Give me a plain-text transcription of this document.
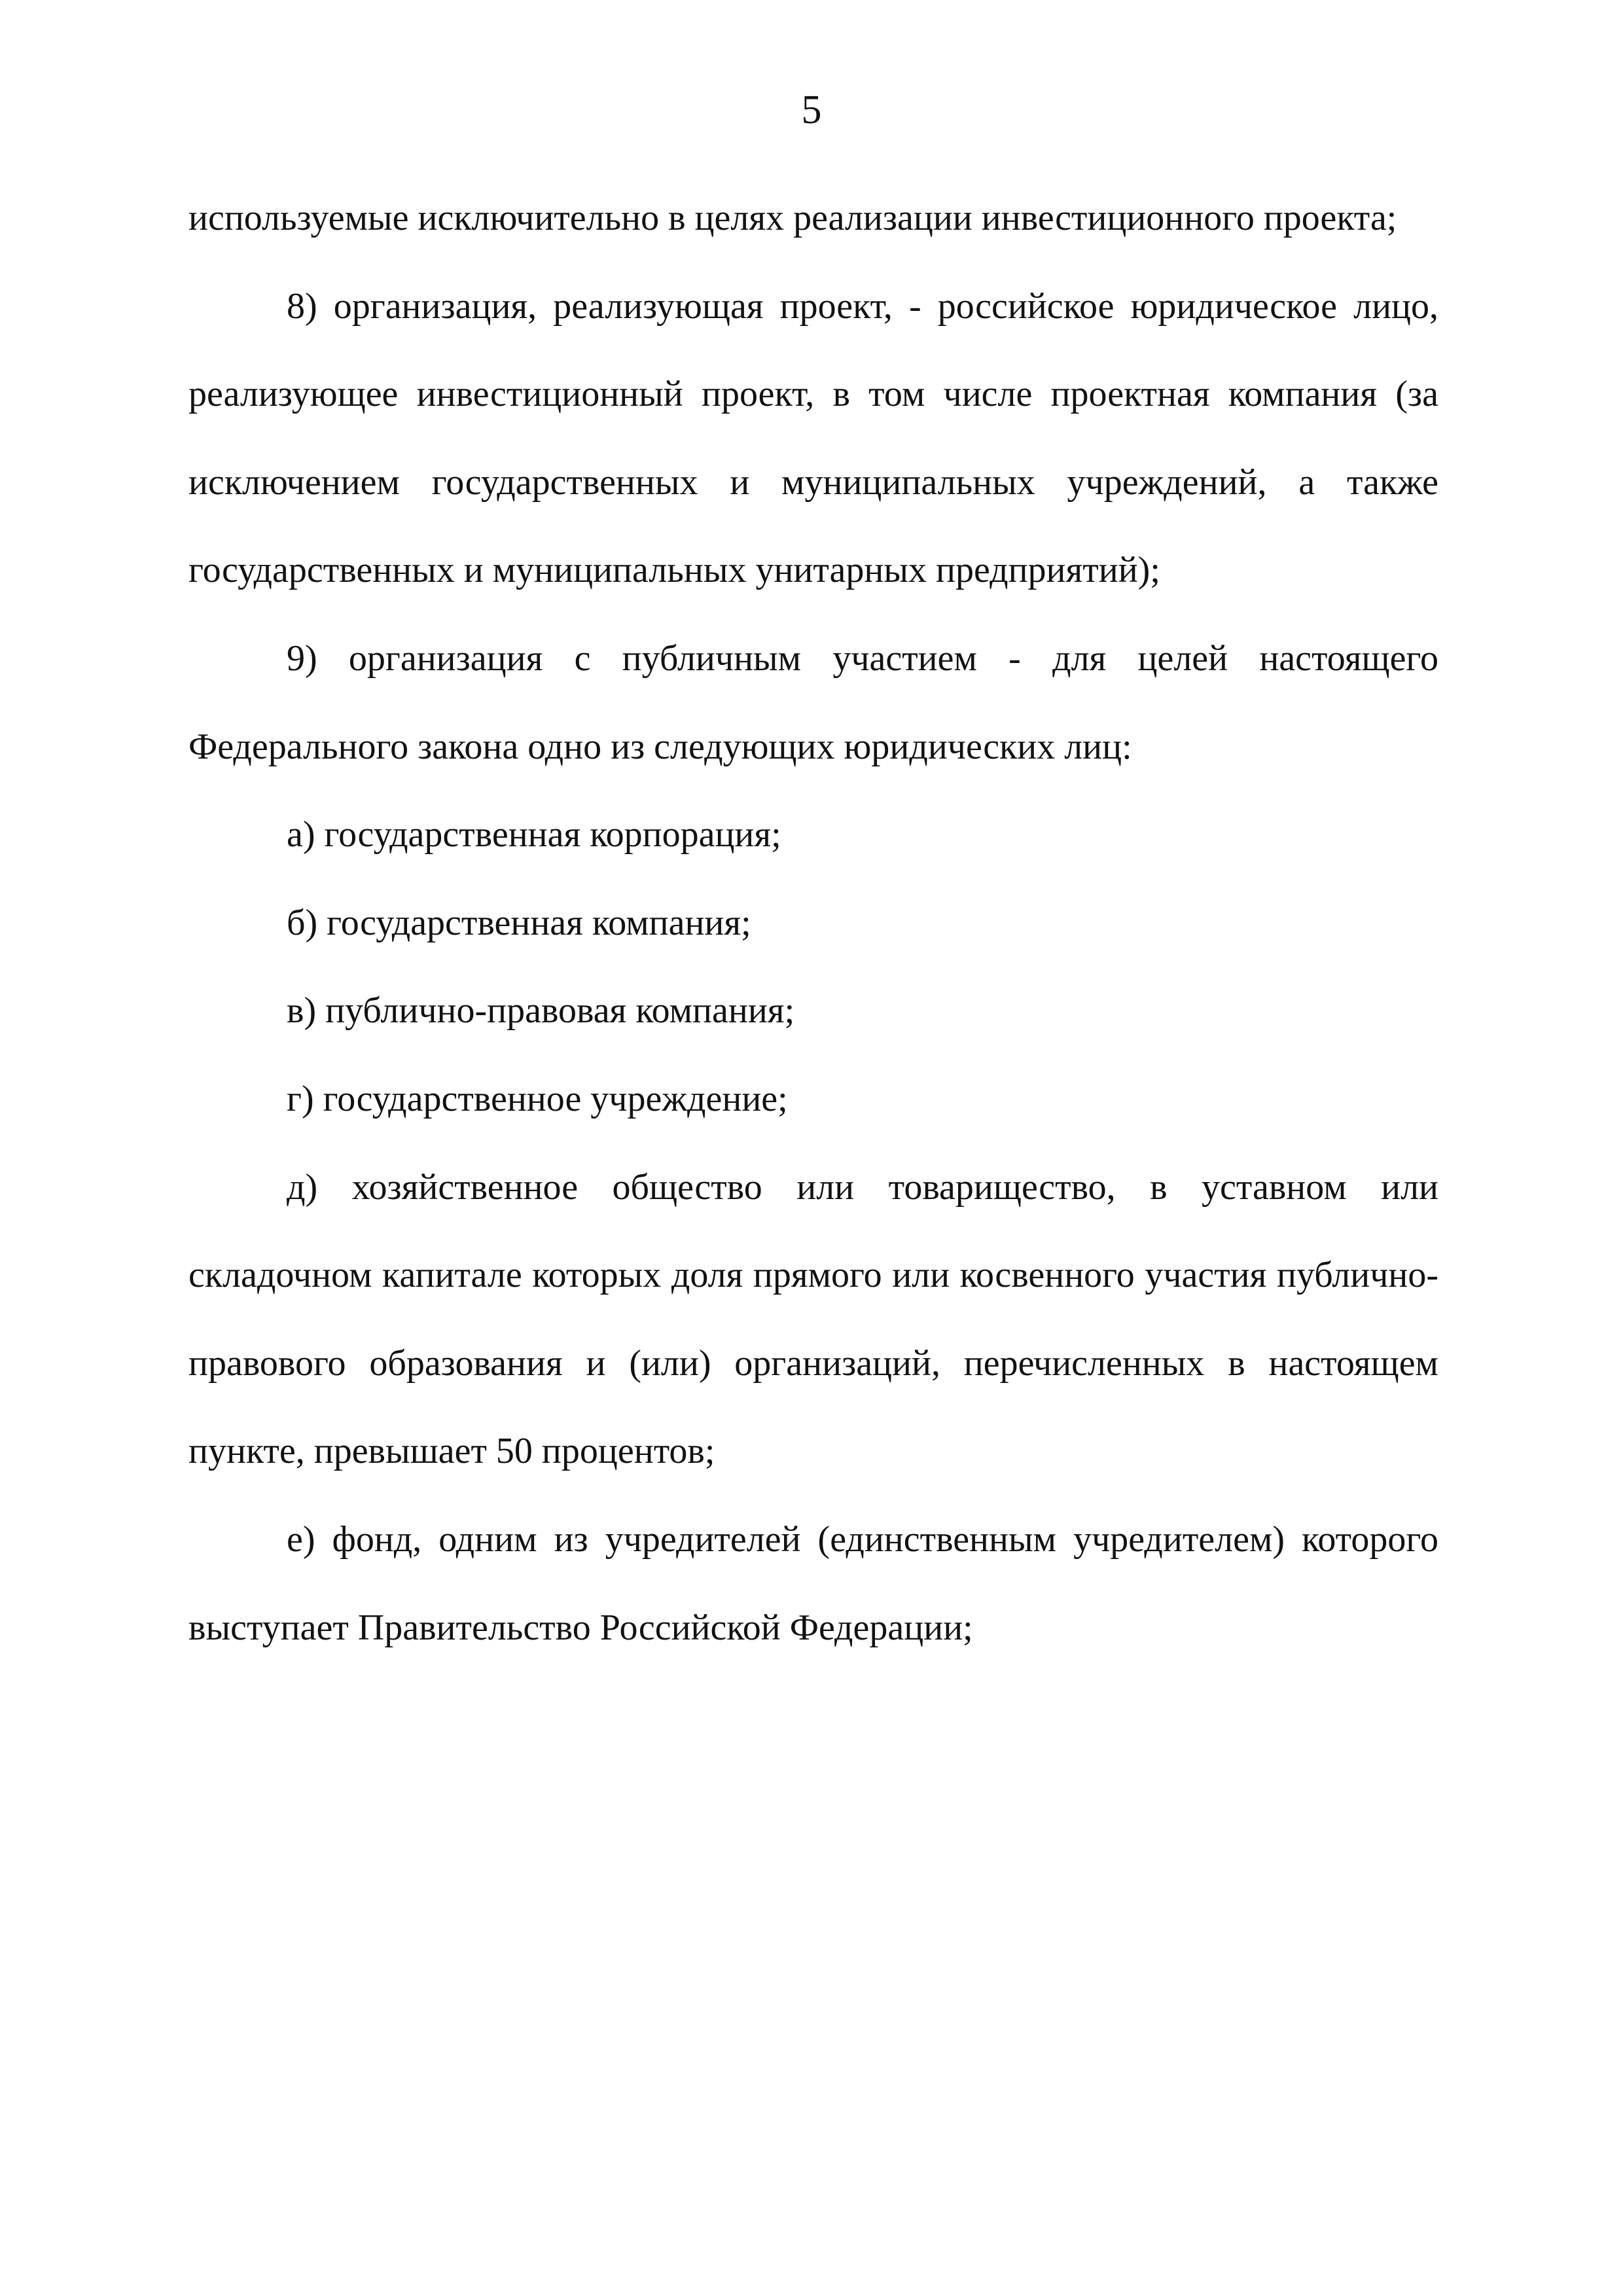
5

используемые исключительно в целях реализации инвестиционного проекта;

8) организация, реализующая проект, - российское юридическое лицо, реализующее инвестиционный проект, в том числе проектная компания (за исключением государственных и муниципальных учреждений, а также государственных и муниципальных унитарных предприятий);

9) организация с публичным участием - для целей настоящего Федерального закона одно из следующих юридических лиц:

а) государственная корпорация;

б) государственная компания;

в) публично-правовая компания;

г) государственное учреждение;

д) хозяйственное общество или товарищество, в уставном или складочном капитале которых доля прямого или косвенного участия публично-правового образования и (или) организаций, перечисленных в настоящем пункте, превышает 50 процентов;

е) фонд, одним из учредителей (единственным учредителем) которого выступает Правительство Российской Федерации;
